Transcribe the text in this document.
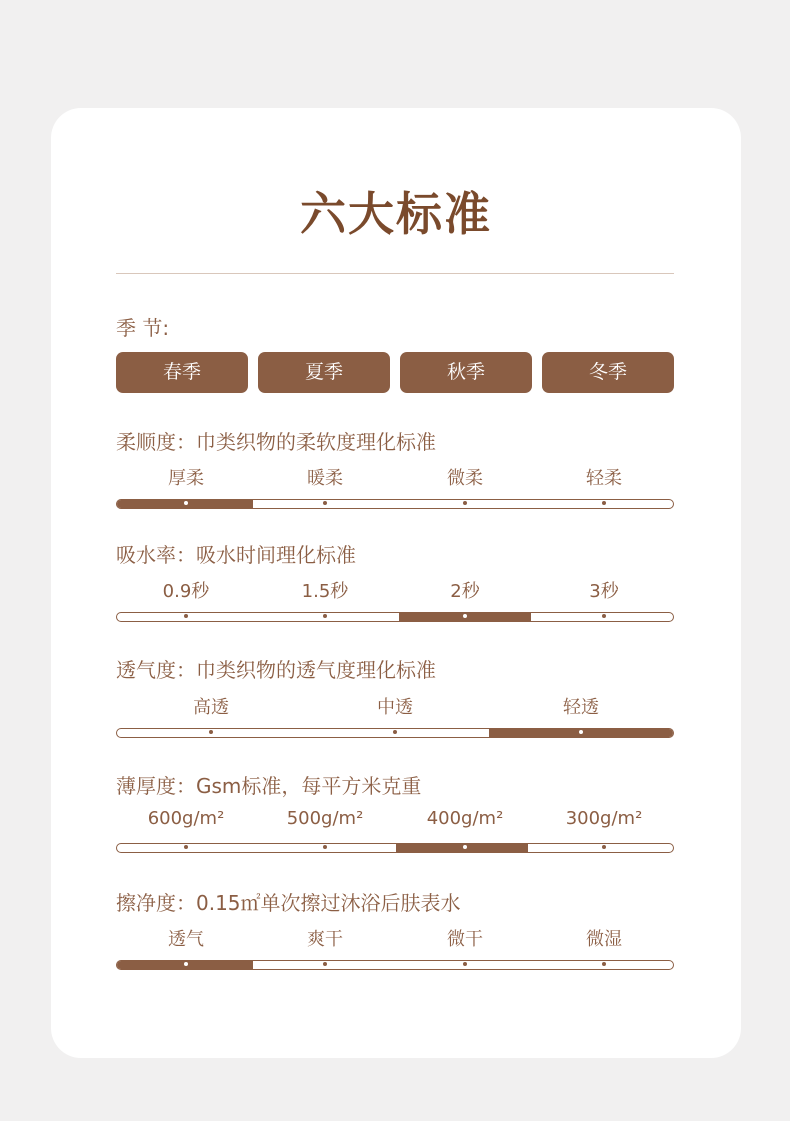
六大标准
季 节:
春季	夏季	秋季	冬季
柔顺度：巾类织物的柔软度理化标准
厚柔	暖柔	微柔	轻柔
吸水率：吸水时间理化标准
0.9秒	1.5秒	2秒	3秒
透气度：巾类织物的透气度理化标准
高透	中透	轻透
薄厚度：Gsm标准，每平方米克重
600g/m²	500g/m²	400g/m²	300g/m²
擦净度：0.15㎡单次擦过沐浴后肤表水
透气	爽干	微干	微湿
